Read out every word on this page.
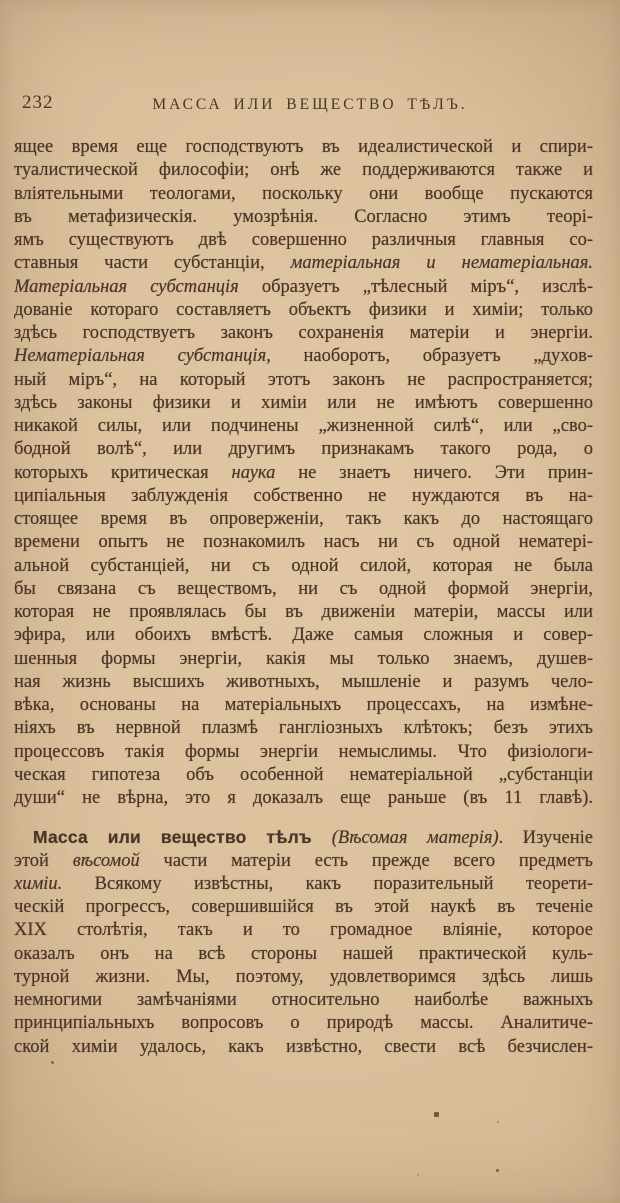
232	МАССА ИЛИ ВЕЩЕСТВО ТѢЛЪ.
ящее время еще господствуютъ въ идеалистической и спири-
туалистической философіи; онѣ же поддерживаются также и
вліятельными теологами, поскольку они вообще пускаются
въ метафизическія. умозрѣнія. Согласно этимъ теорі-
ямъ существуютъ двѣ совершенно различныя главныя со-
ставныя части субстанціи, матеріальная и нематеріальная.
Матеріальная субстанція образуетъ „тѣлесный міръ“, изслѣ-
дованіе котораго составляетъ объектъ физики и химіи; только
здѣсь господствуетъ законъ сохраненія матеріи и энергіи.
Нематеріальная субстанція, наоборотъ, образуетъ „духов-
ный міръ“, на который этотъ законъ не распространяется;
здѣсь законы физики и химіи или не имѣютъ совершенно
никакой силы, или подчинены „жизненной силѣ“, или „сво-
бодной волѣ“, или другимъ признакамъ такого рода, о
которыхъ критическая наука не знаетъ ничего. Эти прин-
ципіальныя заблужденія собственно не нуждаются въ на-
стоящее время въ опроверженіи, такъ какъ до настоящаго
времени опытъ не познакомилъ насъ ни съ одной нематері-
альной субстанціей, ни съ одной силой, которая не была
бы связана съ веществомъ, ни съ одной формой энергіи,
которая не проявлялась бы въ движеніи матеріи, массы или
эфира, или обоихъ вмѣстѣ. Даже самыя сложныя и совер-
шенныя формы энергіи, какія мы только знаемъ, душев-
ная жизнь высшихъ животныхъ, мышленіе и разумъ чело-
вѣка, основаны на матеріальныхъ процессахъ, на измѣне-
ніяхъ въ нервной плазмѣ гангліозныхъ клѣтокъ; безъ этихъ
процессовъ такія формы энергіи немыслимы. Что физіологи-
ческая гипотеза объ особенной нематеріальной „субстанціи
души“ не вѣрна, это я доказалъ еще раньше (въ 11 главѣ).
Масса или вещество тѣлъ (Вѣсомая матерія). Изученіе
этой вѣсомой части матеріи есть прежде всего предметъ
химіи. Всякому извѣстны, какъ поразительный теорети-
ческій прогрессъ, совершившійся въ этой наукѣ въ теченіе
XIX столѣтія, такъ и то громадное вліяніе, которое
оказалъ онъ на всѣ стороны нашей практической куль-
турной жизни. Мы, поэтому, удовлетворимся здѣсь лишь
немногими замѣчаніями относительно наиболѣе важныхъ
принципіальныхъ вопросовъ о природѣ массы. Аналитиче-
ской химіи удалось, какъ извѣстно, свести всѣ безчислен-
